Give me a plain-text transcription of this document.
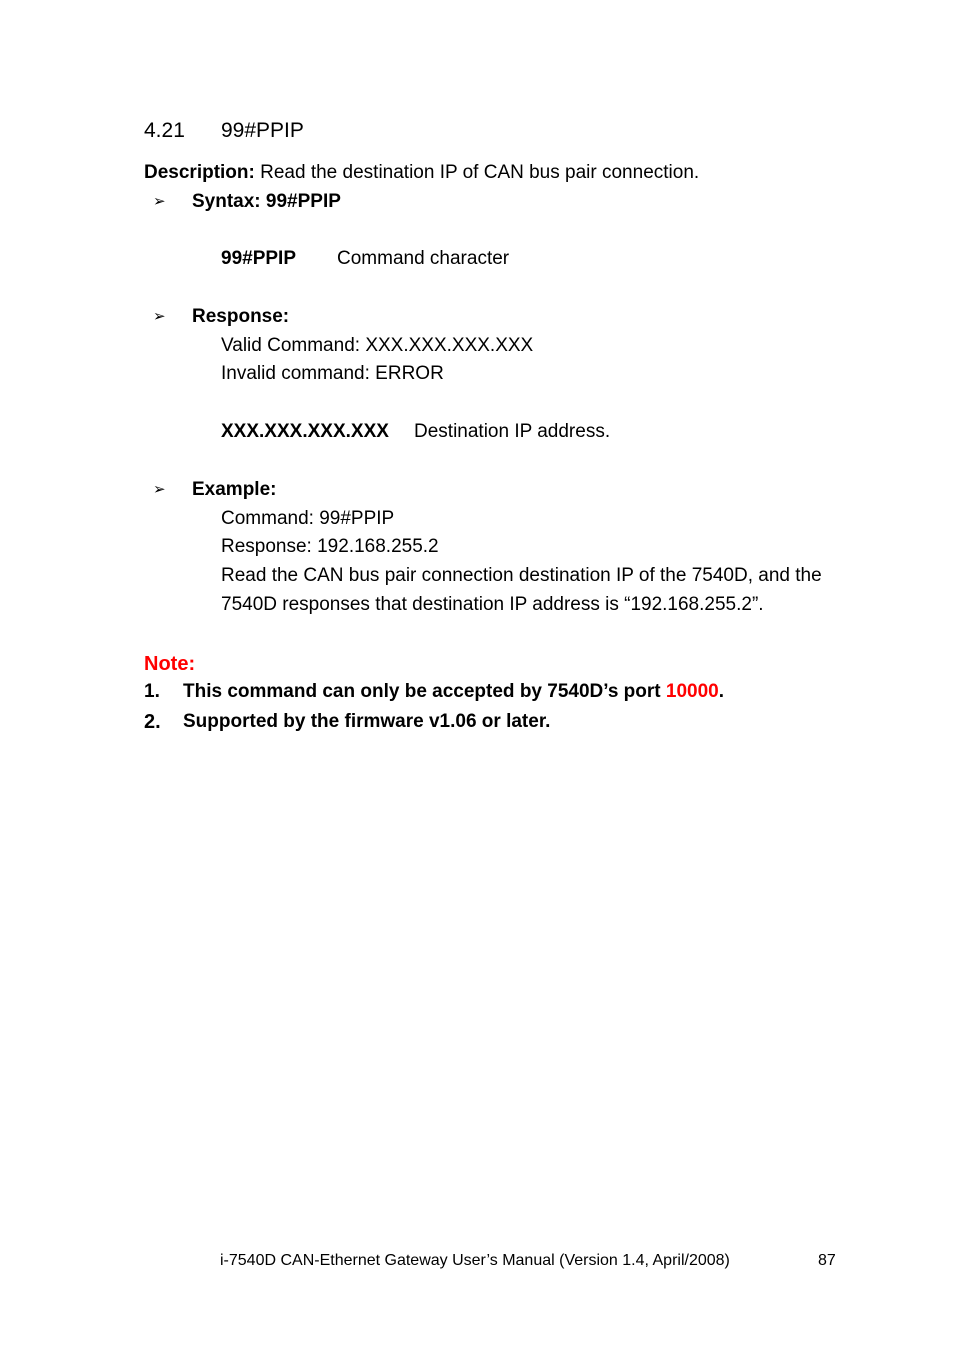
4.21 99#PPIP
Description: Read the destination IP of CAN bus pair connection.
➢ Syntax: 99#PPIP
99#PPIP Command character
➢ Response:
Valid Command: XXX.XXX.XXX.XXX
Invalid command: ERROR
XXX.XXX.XXX.XXX Destination IP address.
➢ Example:
Command: 99#PPIP
Response: 192.168.255.2
Read the CAN bus pair connection destination IP of the 7540D, and the
7540D responses that destination IP address is “192.168.255.2”.
Note:
1. This command can only be accepted by 7540D’s port 10000.
2. Supported by the firmware v1.06 or later.
i-7540D CAN-Ethernet Gateway User’s Manual (Version 1.4, April/2008)	87
